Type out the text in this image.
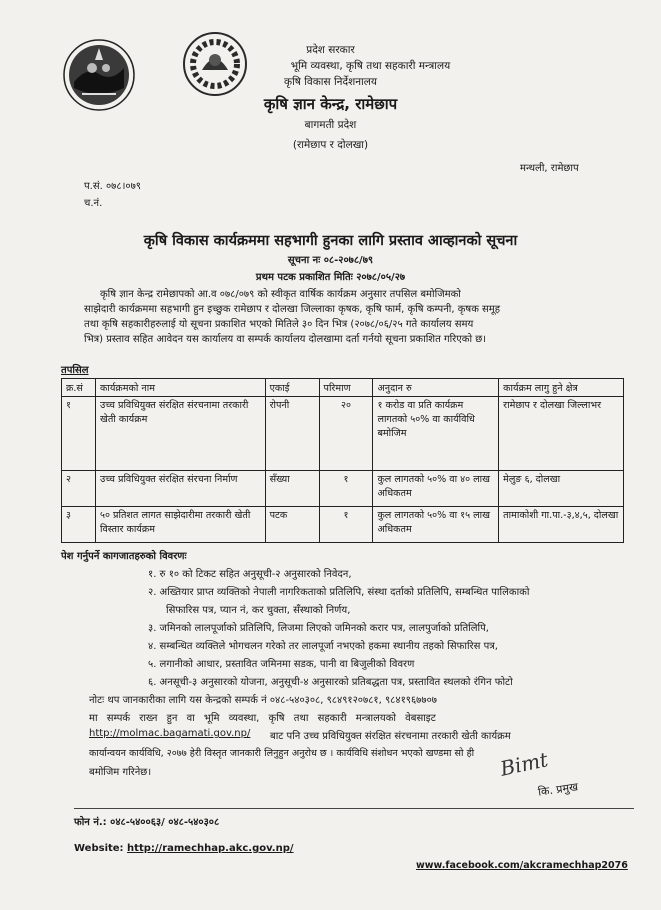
प्रदेश सरकार
भूमि व्यवस्था, कृषि तथा सहकारी मन्त्रालय
कृषि विकास निर्देशनालय
कृषि ज्ञान केन्द्र, रामेछाप
बागमती प्रदेश
(रामेछाप र दोलखा)
मन्थली, रामेछाप
प.सं. ०७८।०७९
च.नं.
कृषि विकास कार्यक्रममा सहभागी हुनका लागि प्रस्ताव आव्हानको सूचना
सूचना नः ०८-२०७८/७९
प्रथम पटक प्रकाशित मितिः २०७८/०५/२७
कृषि ज्ञान केन्द्र रामेछापको आ.व ०७८/०७९ को स्वीकृत वार्षिक कार्यक्रम अनुसार तपसिल बमोजिमको
साझेदारी कार्यक्रममा सहभागी हुन इच्छुक रामेछाप र दोलखा जिल्लाका कृषक, कृषि फार्म, कृषि कम्पनी, कृषक समूह
तथा कृषि सहकारीहरुलाई यो सूचना प्रकाशित भएको मितिले ३० दिन भित्र (२०७८/०६/२५ गते कार्यालय समय
भित्र) प्रस्ताव सहित आवेदन यस कार्यालय वा सम्पर्क कार्यालय दोलखामा दर्ता गर्नयो सूचना प्रकाशित गरिएको छ।
तपसिल
क्र.सं	कार्यक्रमको नाम	एकाई	परिमाण	अनुदान रु	कार्यक्रम लागु हुने क्षेत्र
१	उच्च प्रविधियुक्त संरक्षित संरचनामा तरकारी खेती कार्यक्रम	रोपनी	२०	१ करोड वा प्रति कार्यक्रम लागतको ५०% वा कार्यविधि बमोजिम	रामेछाप र दोलखा जिल्लाभर
२	उच्च प्रविधियुक्त संरक्षित संरचना निर्माण	सँख्या	१	कुल लागतको ५०% वा ४० लाख अधिकतम	मेलुङ ६, दोलखा
३	५० प्रतिशत लागत साझेदारीमा तरकारी खेती विस्तार कार्यक्रम	पटक	१	कुल लागतको ५०% वा १५ लाख अधिकतम	तामाकोशी गा.पा.-३,४,५, दोलखा
पेश गर्नुपर्ने कागजातहरुको विवरणः
१. रु १० को टिकट सहित अनुसूची-२ अनुसारको निवेदन,
२. अख्तियार प्राप्त व्यक्तिको नेपाली नागरिकताको प्रतिलिपि, संस्था दर्ताको प्रतिलिपि, सम्बन्धित पालिकाको
सिफारिस पत्र, प्यान नं, कर चुक्ता, सँस्थाको निर्णय,
३. जमिनको लालपूर्जाको प्रतिलिपि, लिजमा लिएको जमिनको करार पत्र, लालपुर्जाको प्रतिलिपि,
४. सम्बन्धित व्यक्तिले भोगचलन गरेको तर लालपूर्जा नभएको हकमा स्थानीय तहको सिफारिस पत्र,
५. लगानीको आधार, प्रस्तावित जमिनमा सडक, पानी वा बिजुलीको विवरण
६. अनसूची-३ अनुसारको योजना, अनुसूची-४ अनुसारको प्रतिबद्धता पत्र, प्रस्तावित स्थलको रंगिन फोटो
नोटः थप जानकारीका लागि यस केन्द्रको सम्पर्क नं ०४८-५४०३०८, ९८४९१२०७८१, ९८४१९६७७०७
मा सम्पर्क राख्न हुन वा भूमि व्यवस्था, कृषि तथा सहकारी मन्त्रालयको वेबसाइट
http://molmac.bagamati.gov.np/ बाट पनि उच्च प्रविधियुक्त संरक्षित संरचनामा तरकारी खेती कार्यक्रम
कार्यान्वयन कार्यविधि, २०७७ हेरी विस्तृत जानकारी लिनुहुन अनुरोध छ । कार्यविधि संशोधन भएको खण्डमा सो ही
बमोजिम गरिनेछ।	Bimt
कि. प्रमुख
फोन नं.: ०४८-५४००६३/ ०४८-५४०३०८
Website: http://ramechhap.akc.gov.np/
www.facebook.com/akcramechhap2076
